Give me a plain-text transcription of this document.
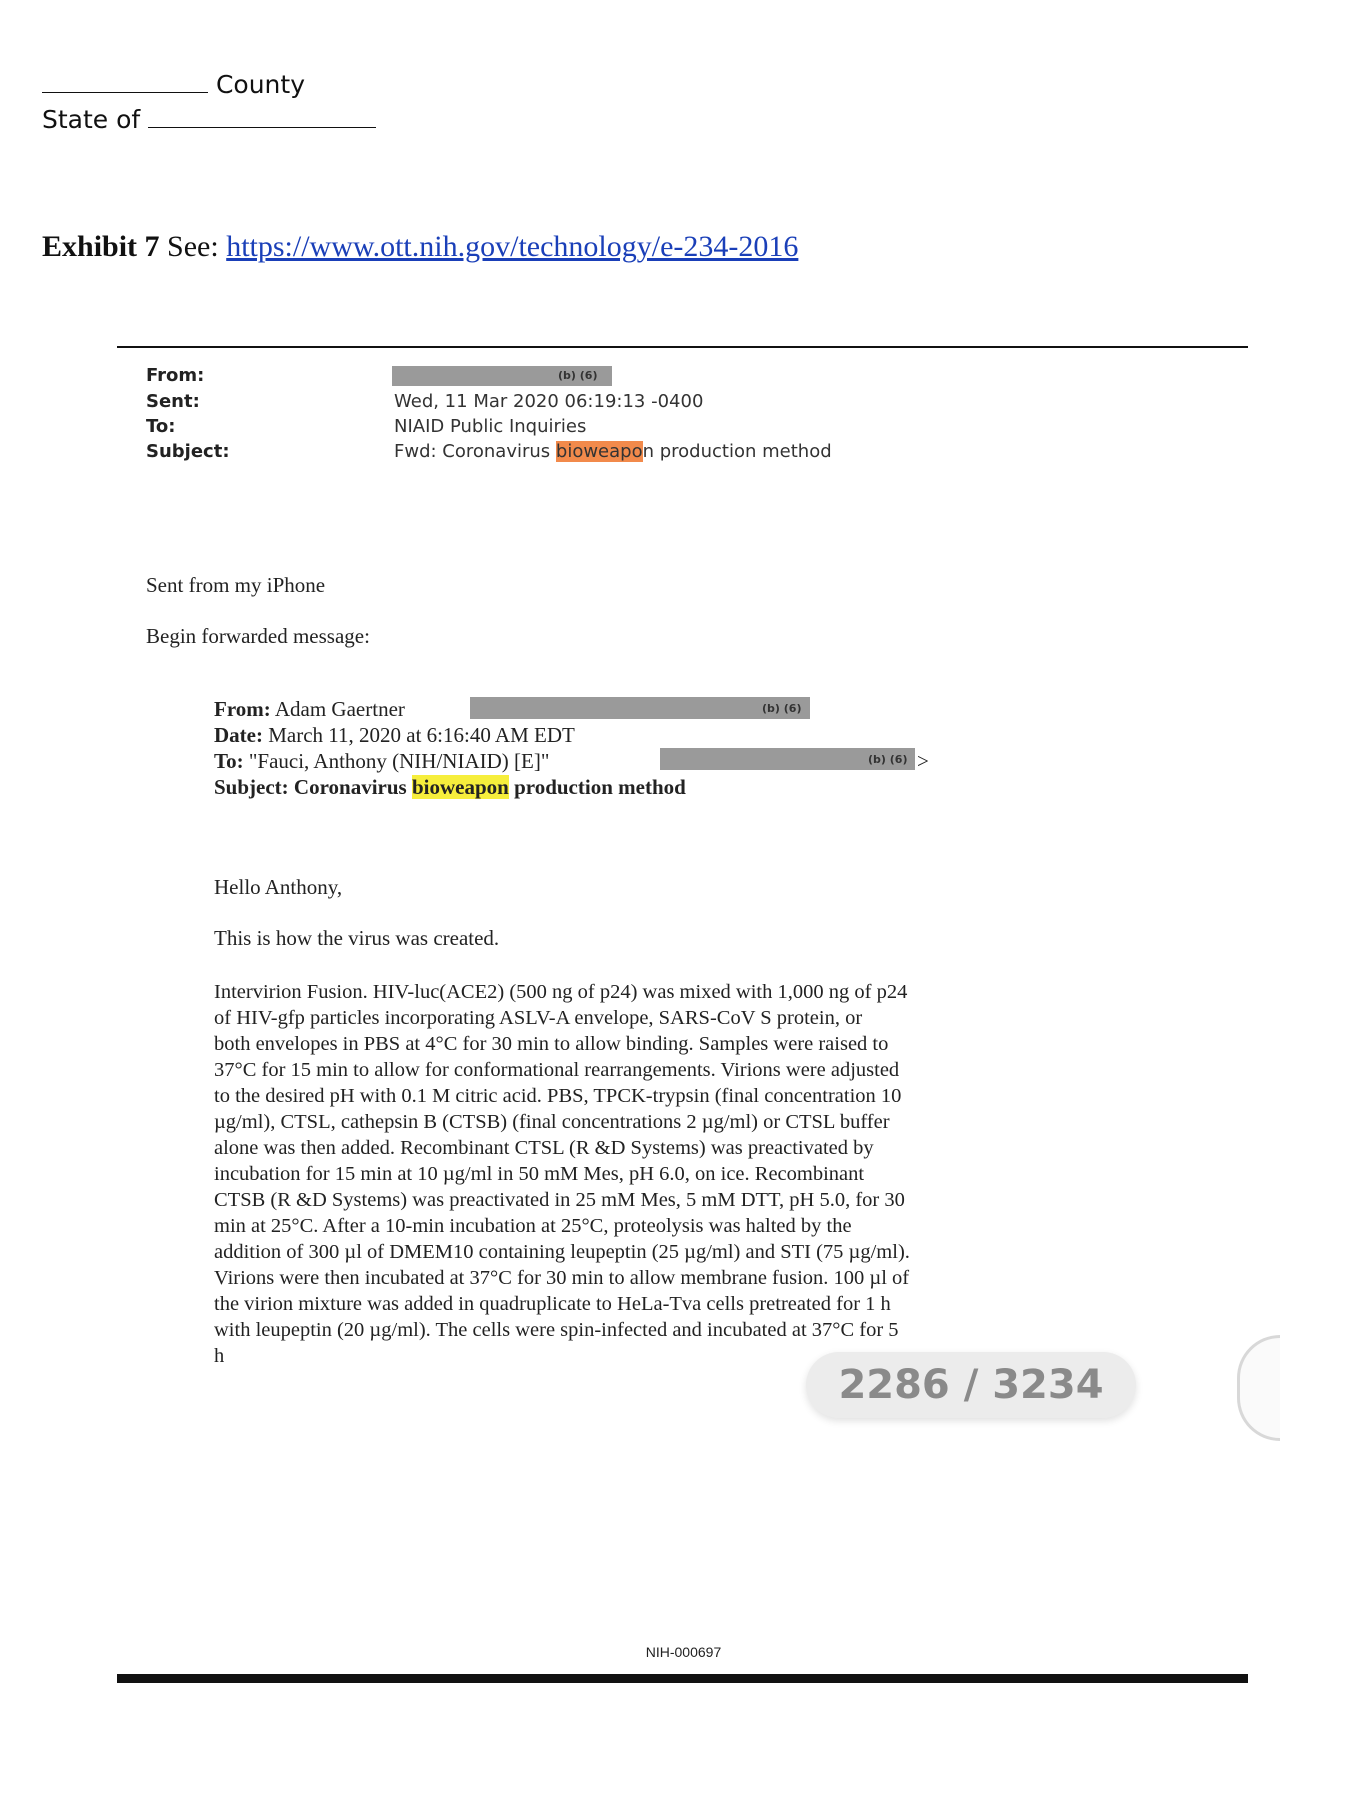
County
State of
Exhibit 7 See: https://www.ott.nih.gov/technology/e-234-2016
From:	(b) (6)
Sent:	Wed, 11 Mar 2020 06:19:13 -0400
To:	NIAID Public Inquiries
Subject:	Fwd: Coronavirus bioweapon production method
Sent from my iPhone
Begin forwarded message:
(b) (6)
(b) (6)
From: Adam Gaertner
Date: March 11, 2020 at 6:16:40 AM EDT
To: "Fauci, Anthony (NIH/NIAID) [E]"	>
Subject: Coronavirus bioweapon production method
Hello Anthony,
This is how the virus was created.
Intervirion Fusion. HIV-luc(ACE2) (500 ng of p24) was mixed with 1,000 ng of p24
of HIV-gfp particles incorporating ASLV-A envelope, SARS-CoV S protein, or
both envelopes in PBS at 4°C for 30 min to allow binding. Samples were raised to
37°C for 15 min to allow for conformational rearrangements. Virions were adjusted
to the desired pH with 0.1 M citric acid. PBS, TPCK-trypsin (final concentration 10
µg/ml), CTSL, cathepsin B (CTSB) (final concentrations 2 µg/ml) or CTSL buffer
alone was then added. Recombinant CTSL (R &D Systems) was preactivated by
incubation for 15 min at 10 µg/ml in 50 mM Mes, pH 6.0, on ice. Recombinant
CTSB (R &D Systems) was preactivated in 25 mM Mes, 5 mM DTT, pH 5.0, for 30
min at 25°C. After a 10-min incubation at 25°C, proteolysis was halted by the
addition of 300 µl of DMEM10 containing leupeptin (25 µg/ml) and STI (75 µg/ml).
Virions were then incubated at 37°C for 30 min to allow membrane fusion. 100 µl of
the virion mixture was added in quadruplicate to HeLa-Tva cells pretreated for 1 h
with leupeptin (20 µg/ml). The cells were spin-infected and incubated at 37°C for 5
h
2286 / 3234
NIH-000697
